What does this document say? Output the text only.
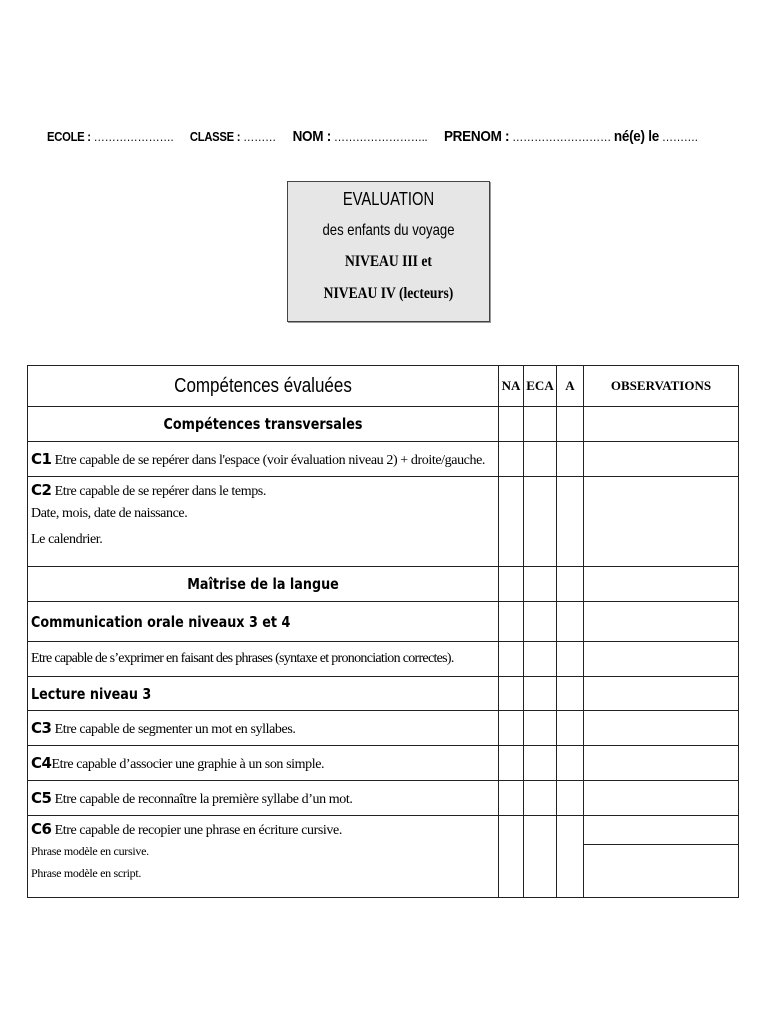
ECOLE : …………………. CLASSE : ……… NOM : …………………….. PRENOM : ……………………… né(e) le ……….
EVALUATION
des enfants du voyage
NIVEAU III et
NIVEAU IV (lecteurs)
Compétences évaluées	NA	ECA	A	OBSERVATIONS

Compétences transversales				

C1 Etre capable de se repérer dans l'espace (voir évaluation niveau 2) + droite/gauche.				

C2 Etre capable de se repérer dans le temps.
Date, mois, date de naissance.
Le calendrier.				

Maîtrise de la langue				

Communication orale niveaux 3 et 4				

Etre capable de s’exprimer en faisant des phrases (syntaxe et prononciation correctes).				

Lecture niveau 3				

C3 Etre capable de segmenter un mot en syllabes.				
C4Etre capable d’associer une graphie à un son simple.				
C5 Etre capable de reconnaître la première syllabe d’un mot.				

C6 Etre capable de recopier une phrase en écriture cursive.
Phrase modèle en cursive.
Phrase modèle en script.				
